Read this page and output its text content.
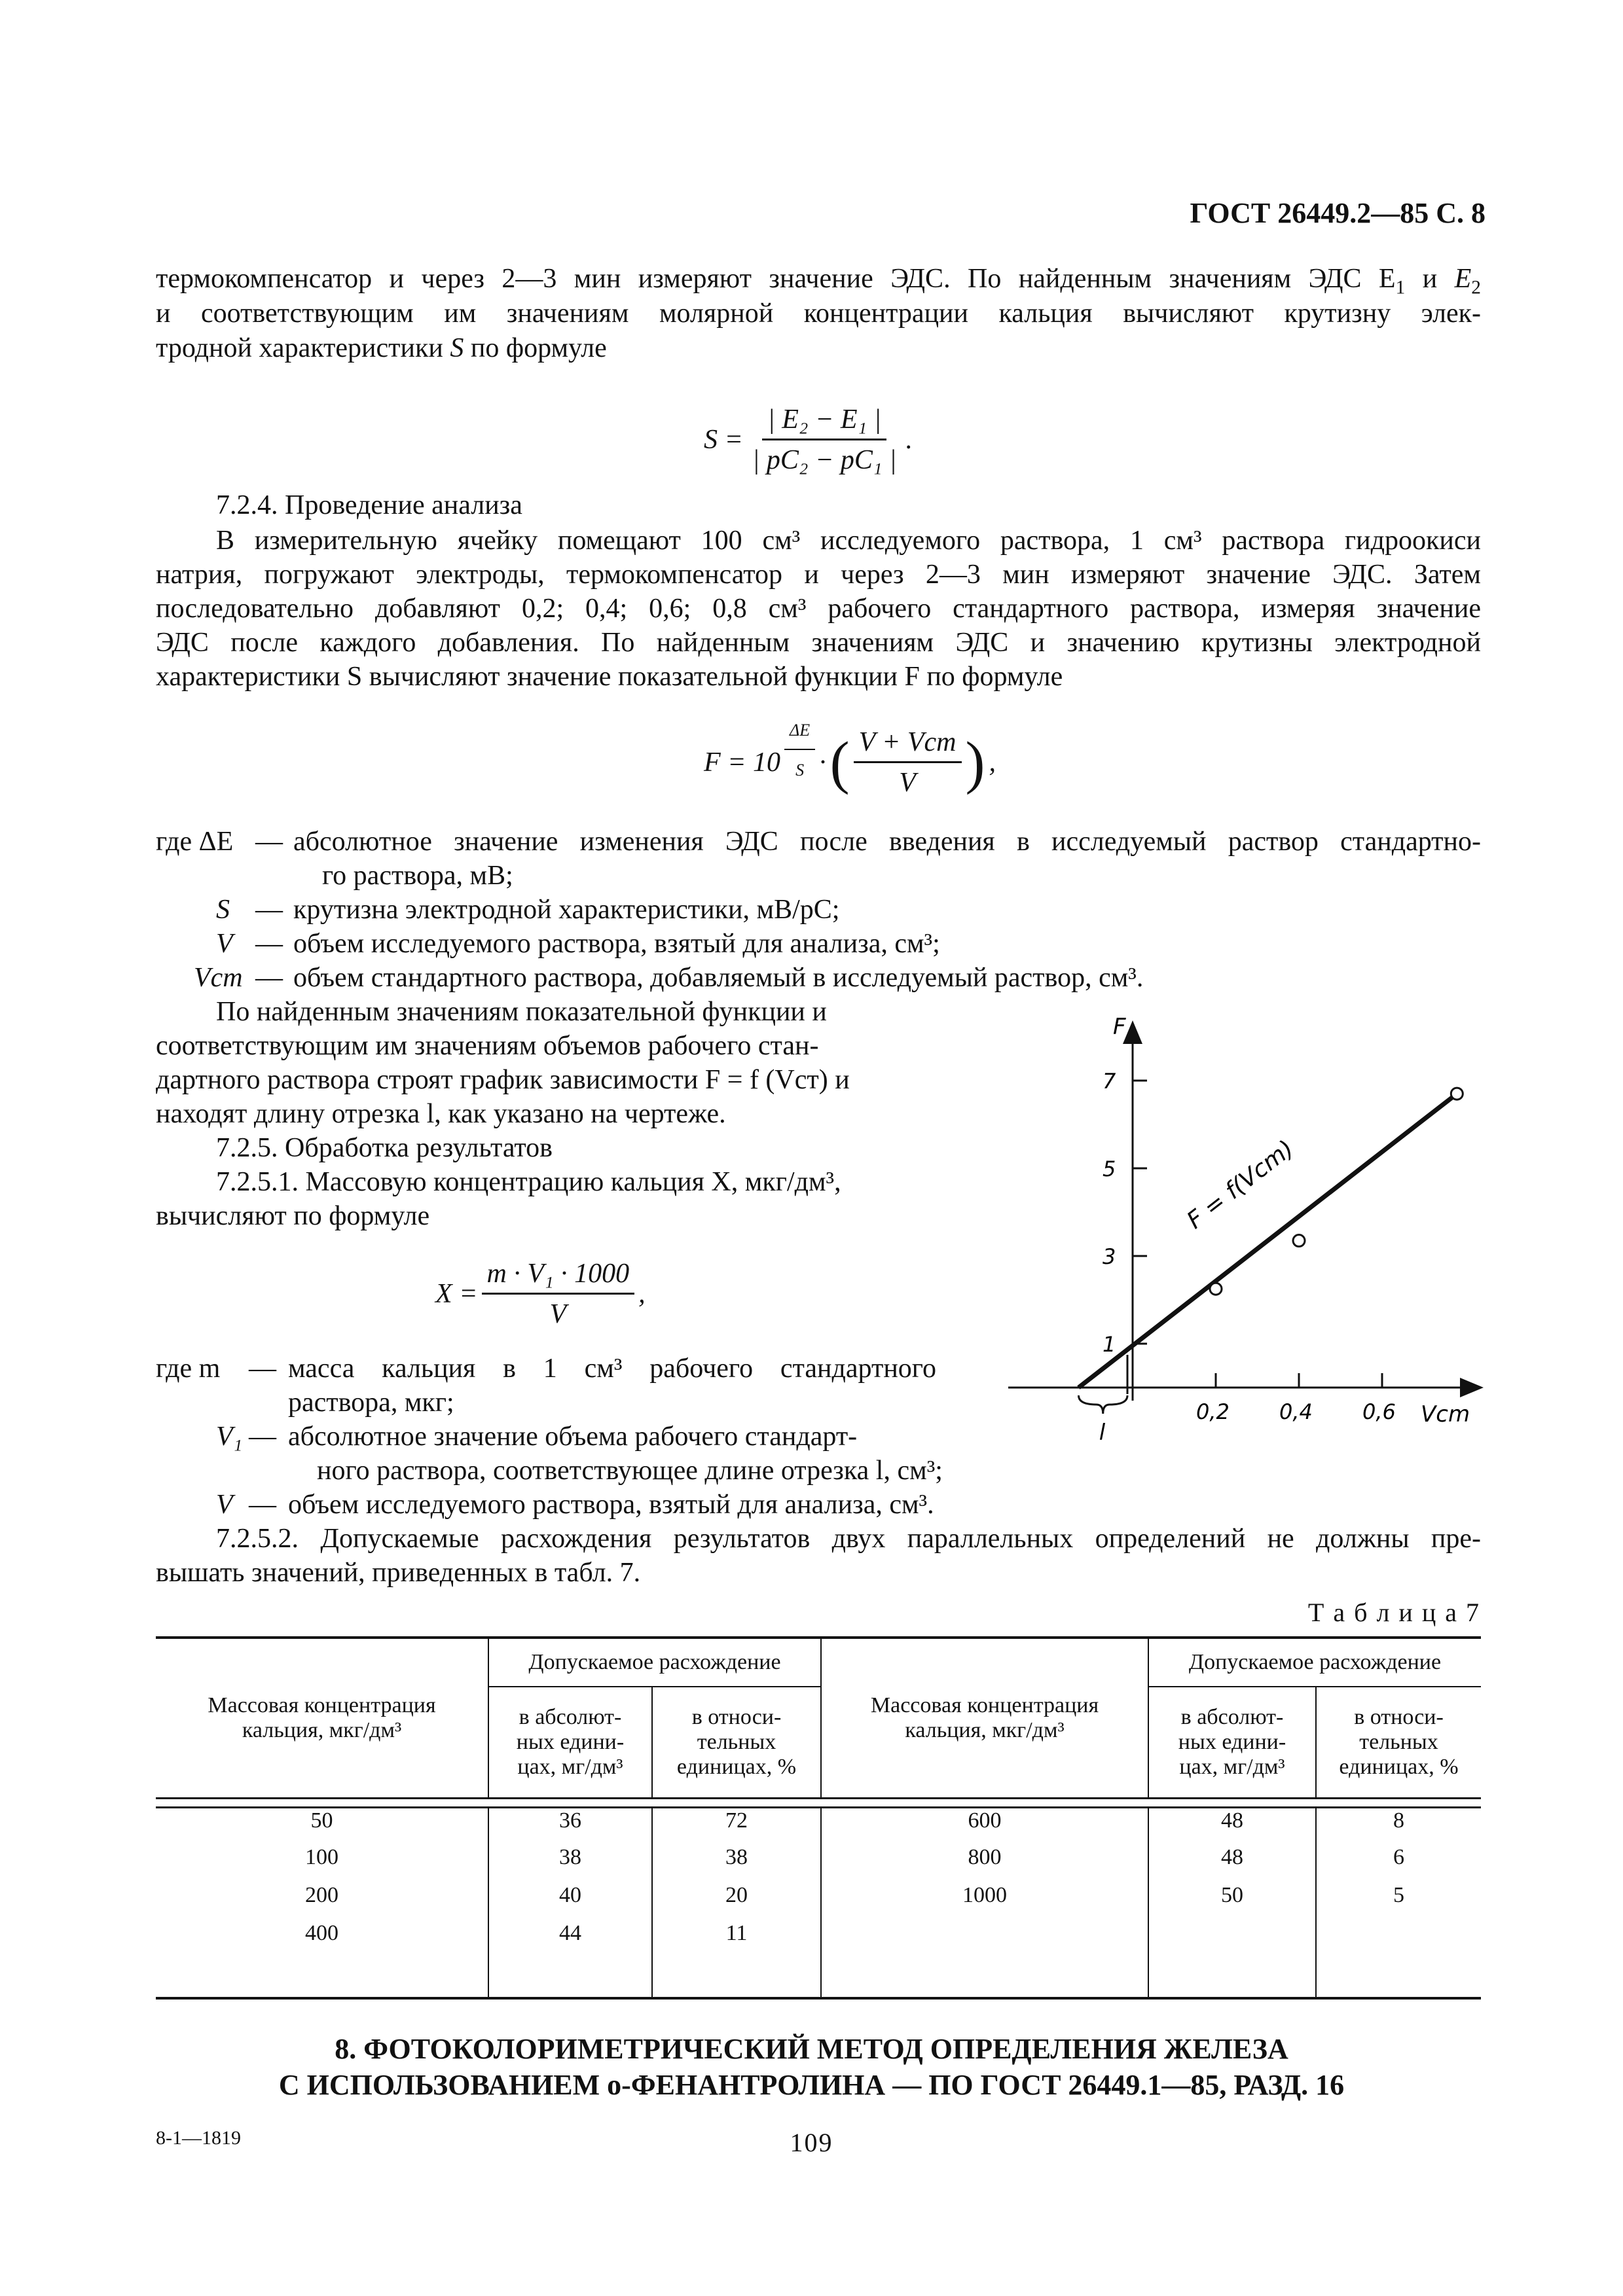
ГОСТ 26449.2—85 С. 8
термокомпенсатор и через 2—3 мин измеряют значение ЭДС. По найденным значениям ЭДС $E_1$ и $E_2$
и соответствующим им значениям молярной концентрации кальция вычисляют крутизну элек-
тродной характеристики S по формуле
$S = \frac{\text{| E₂ − E₁ |}}{\text{| pC₂ − pC₁ |}}$ .
7.2.4. Проведение анализа
В измерительную ячейку помещают 100 см³ исследуемого раствора, 1 см³ раствора гидроокиси
натрия, погружают электроды, термокомпенсатор и через 2—3 мин измеряют значение ЭДС. Затем
последовательно добавляют 0,2; 0,4; 0,6; 0,8 см³ рабочего стандартного раствора, измеряя значение
ЭДС после каждого добавления. По найденным значениям ЭДС и значению крутизны электродной
характеристики S вычисляют значение показательной функции F по формуле
$F = 10 \frac{\Delta E}{S}$ · ( $\frac{\text{V + Vст}}{V}$ ) ,
где ΔE — абсолютное значение изменения ЭДС после введения в исследуемый раствор стандартно-
го раствора, мВ;
S — крутизна электродной характеристики, мВ/pC;
V — объем исследуемого раствора, взятый для анализа, см³;
Vст — объем стандартного раствора, добавляемый в исследуемый раствор, см³.
По найденным значениям показательной функции и
соответствующим им значениям объемов рабочего стан-
дартного раствора строят график зависимости F = f (Vст) и
находят длину отрезка l, как указано на чертеже.
7.2.5. Обработка результатов
7.2.5.1. Массовую концентрацию кальция X, мкг/дм³,
вычисляют по формуле
$X = \frac{\text{m · V₁ · 1000}}{V}$ ,
где m — масса кальция в 1 см³ рабочего стандартного
раствора, мкг;
V₁ — абсолютное значение объема рабочего стандарт-
ного раствора, соответствующее длине отрезка l, см³;
V — объем исследуемого раствора, взятый для анализа, см³.
7.2.5.2. Допускаемые расхождения результатов двух параллельных определений не должны пре-
вышать значений, приведенных в табл. 7.
0,2 0,4 0,6
1
3
5
7
F
Vcm
F = f(Vcm)
l
Т а б л и ц а 7
Массовая концентрация кальция, мкг/дм³	Допускаемое расхождение		Массовая концентрация кальция, мкг/дм³	Допускаемое расхождение	
	в абсолют- ных едини- цах, мг/дм³	в относи- тельных единицах, %		в абсолют- ных едини- цах, мг/дм³	в относи- тельных единицах, %

50	36	72	600	48	8
100	38	38	800	48	6
200	40	20	1000	50	5
400	44	11			

8. ФОТОКОЛОРИМЕТРИЧЕСКИЙ МЕТОД ОПРЕДЕЛЕНИЯ ЖЕЛЕЗА
С ИСПОЛЬЗОВАНИЕМ о-ФЕНАНТРОЛИНА — ПО ГОСТ 26449.1—85, РАЗД. 16
8-1—1819	109
